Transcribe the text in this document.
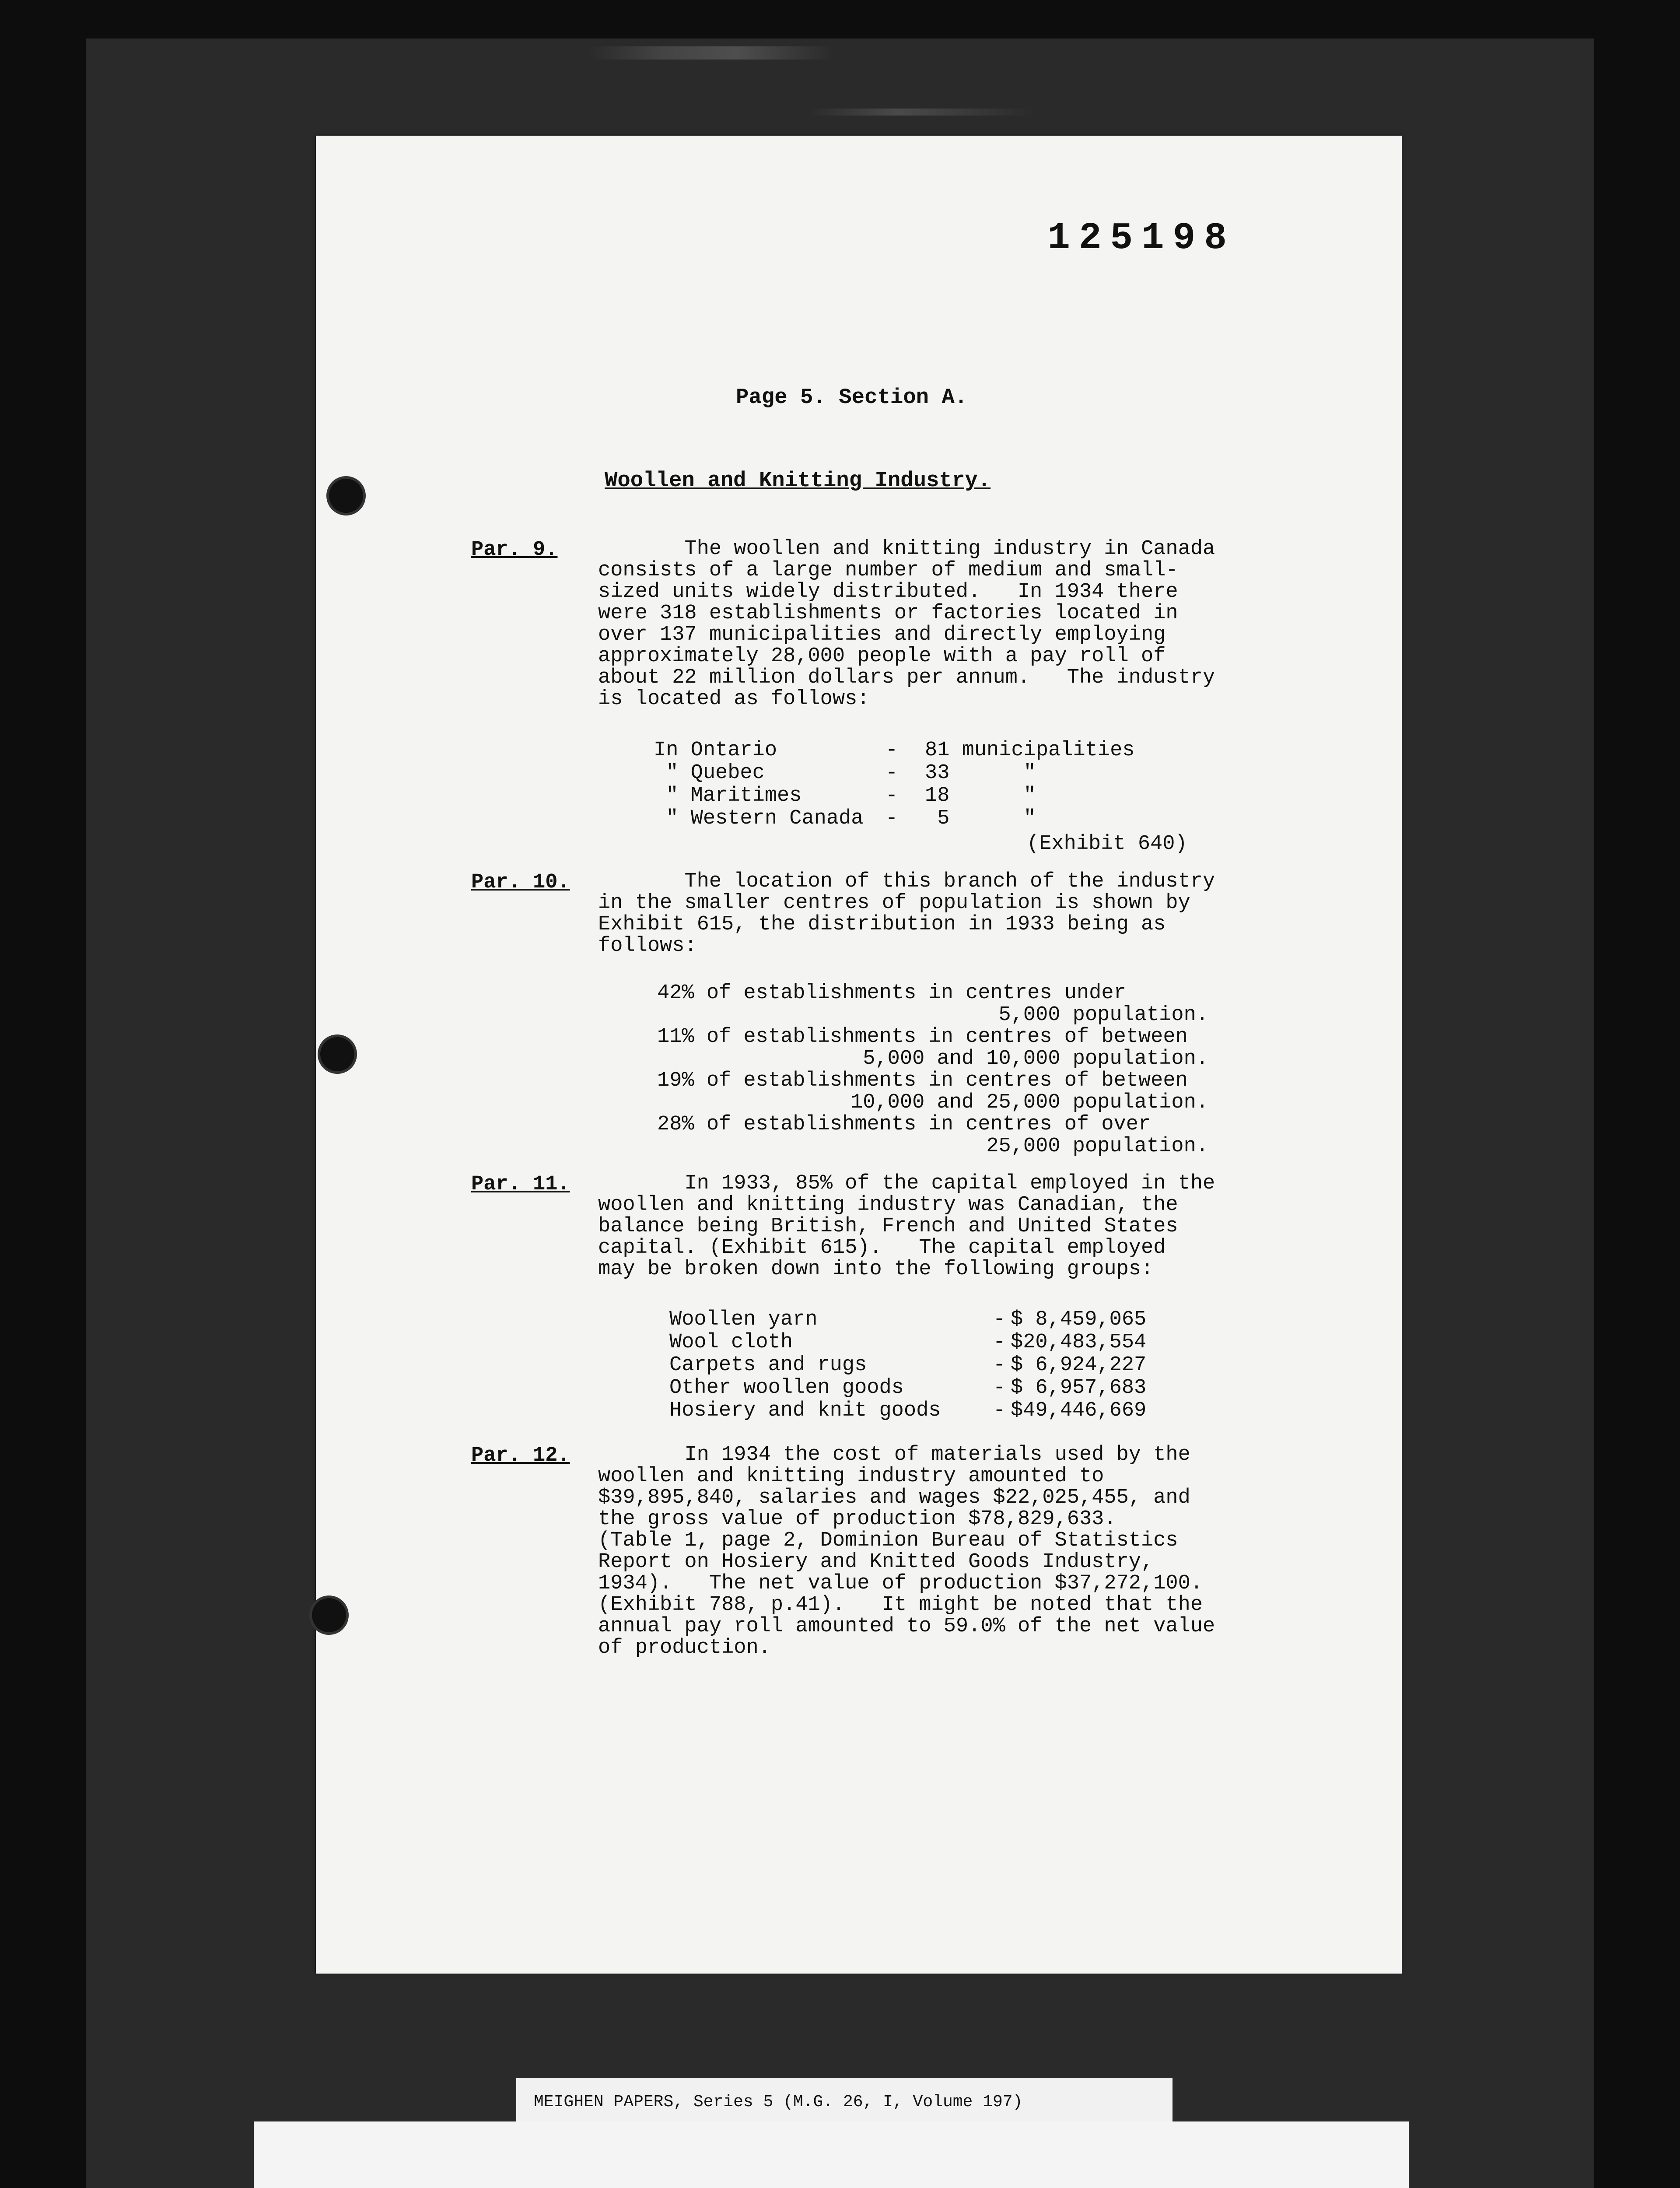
125198
Page 5. Section A.
Woollen and Knitting Industry.
Par. 9.	The woollen and knitting industry in Canada
consists of a large number of medium and small-
sized units widely distributed.   In 1934 there
were 318 establishments or factories located in
over 137 municipalities and directly employing
approximately 28,000 people with a pay roll of
about 22 million dollars per annum.   The industry
is located as follows:
In Ontario	-	81 municipalities
" Quebec	-	33      "
" Maritimes	-	18      "
" Western Canada	-	5      "
(Exhibit 640)
Par. 10.	The location of this branch of the industry
in the smaller centres of population is shown by
Exhibit 615, the distribution in 1933 being as
follows:
42% of establishments in centres under
5,000 population.
11% of establishments in centres of between
5,000 and 10,000 population.
19% of establishments in centres of between
10,000 and 25,000 population.
28% of establishments in centres of over
25,000 population.
Par. 11.	In 1933, 85% of the capital employed in the
woollen and knitting industry was Canadian, the
balance being British, French and United States
capital. (Exhibit 615).   The capital employed
may be broken down into the following groups:
Woollen yarn	- $ 8,459,065
Wool cloth	- $20,483,554
Carpets and rugs	- $ 6,924,227
Other woollen goods	- $ 6,957,683
Hosiery and knit goods	- $49,446,669
Par. 12.	In 1934 the cost of materials used by the
woollen and knitting industry amounted to
$39,895,840, salaries and wages $22,025,455, and
the gross value of production $78,829,633.
(Table 1, page 2, Dominion Bureau of Statistics
Report on Hosiery and Knitted Goods Industry,
1934).   The net value of production $37,272,100.
(Exhibit 788, p.41).   It might be noted that the
annual pay roll amounted to 59.0% of the net value
of production.
MEIGHEN PAPERS, Series 5 (M.G. 26, I, Volume 197)
